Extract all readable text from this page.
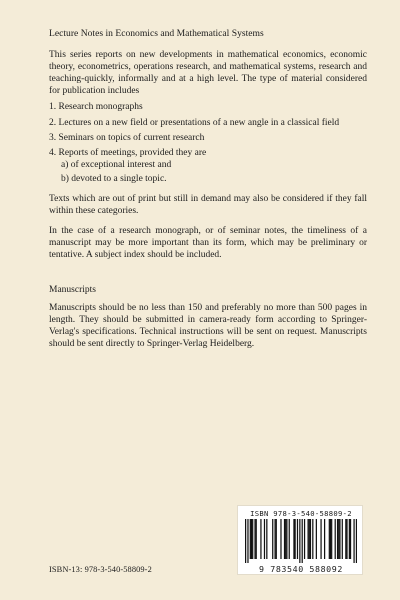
Lecture Notes in Economics and Mathematical Systems

This series reports on new developments in mathematical economics, economic theory, econometrics, operations research, and mathematical systems, research and teaching-quickly, informally and at a high level. The type of material considered for publication includes

1. Research monographs
2. Lectures on a new field or presentations of a new angle in a classical field
3. Seminars on topics of current research
4. Reports of meetings, provided they are
a) of exceptional interest and
b) devoted to a single topic.

Texts which are out of print but still in demand may also be considered if they fall within these categories.

In the case of a research monograph, or of seminar notes, the timeliness of a manuscript may be more important than its form, which may be preliminary or tentative. A subject index should be included.

Manuscripts

Manuscripts should be no less than 150 and preferably no more than 500 pages in length. They should be submitted in camera-ready form according to Springer-Verlag's specifications. Technical instructions will be sent on request. Manuscripts should be sent directly to Springer-Verlag Heidelberg.

ISBN-13: 978-3-540-58809-2
ISBN 978-3-540-58809-2
9 783540 588092
